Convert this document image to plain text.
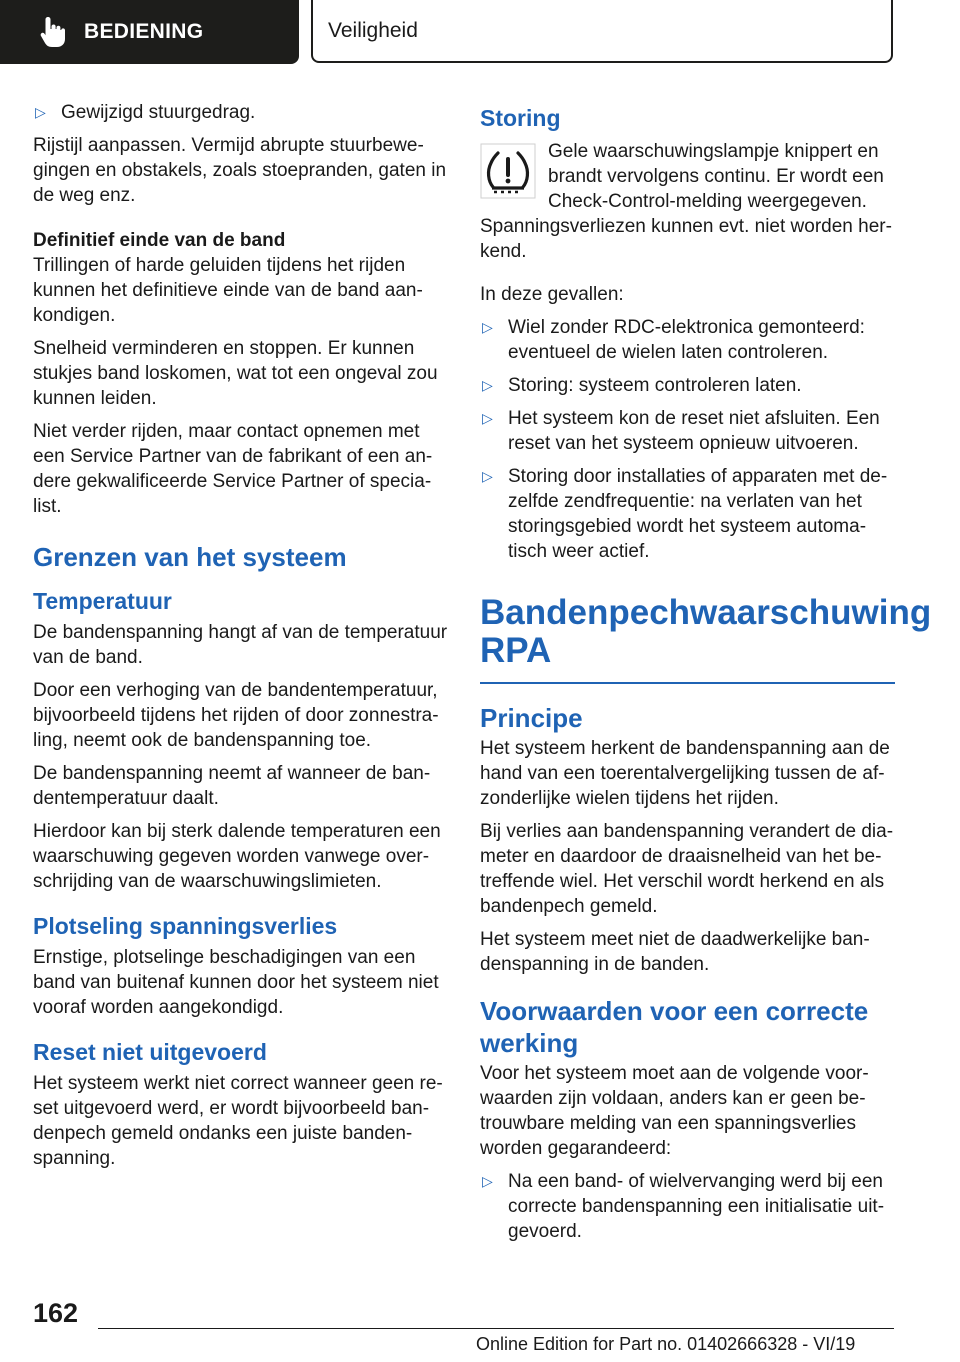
BEDIENING	Veiligheid
▷ Gewijzigd stuurgedrag.

Rijstijl aanpassen. Vermijd abrupte stuurbewegingen en obstakels, zoals stoepranden, gaten in de weg enz.

Definitief einde van de band

Trillingen of harde geluiden tijdens het rijden kunnen het definitieve einde van de band aankondigen.

Snelheid verminderen en stoppen. Er kunnen stukjes band loskomen, wat tot een ongeval zou kunnen leiden.

Niet verder rijden, maar contact opnemen met een Service Partner van de fabrikant of een andere gekwalificeerde Service Partner of specialist.

Grenzen van het systeem
Temperatuur

De bandenspanning hangt af van de temperatuur van de band.

Door een verhoging van de bandentemperatuur, bijvoorbeeld tijdens het rijden of door zonnestraling, neemt ook de bandenspanning toe.

De bandenspanning neemt af wanneer de bandentemperatuur daalt.

Hierdoor kan bij sterk dalende temperaturen een waarschuwing gegeven worden vanwege overschrijding van de waarschuwingslimieten.

Plotseling spanningsverlies

Ernstige, plotselinge beschadigingen van een band van buitenaf kunnen door het systeem niet vooraf worden aangekondigd.

Reset niet uitgevoerd

Het systeem werkt niet correct wanneer geen reset uitgevoerd werd, er wordt bijvoorbeeld bandenpech gemeld ondanks een juiste bandenspanning.

Storing
Gele waarschuwingslampje knippert en brandt vervolgens continu. Er wordt een Check-Control-melding weergegeven.

Spanningsverliezen kunnen evt. niet worden herkend.

In deze gevallen:

▷ Wiel zonder RDC-elektronica gemonteerd: eventueel de wielen laten controleren.
▷ Storing: systeem controleren laten.
▷ Het systeem kon de reset niet afsluiten. Een reset van het systeem opnieuw uitvoeren.
▷ Storing door installaties of apparaten met dezelfde zendfrequentie: na verlaten van het storingsgebied wordt het systeem automatisch weer actief.
Bandenpechwaarschuwing
RPA
Principe

Het systeem herkent de bandenspanning aan de hand van een toerentalvergelijking tussen de afzonderlijke wielen tijdens het rijden.

Bij verlies aan bandenspanning verandert de diameter en daardoor de draaisnelheid van het betreffende wiel. Het verschil wordt herkend en als bandenpech gemeld.

Het systeem meet niet de daadwerkelijke bandenspanning in de banden.

Voorwaarden voor een correcte werking

Voor het systeem moet aan de volgende voorwaarden zijn voldaan, anders kan er geen betrouwbare melding van een spanningsverlies worden gegarandeerd:

▷ Na een band- of wielvervanging werd bij een correcte bandenspanning een initialisatie uitgevoerd.
162
Online Edition for Part no. 01402666328 - VI/19
